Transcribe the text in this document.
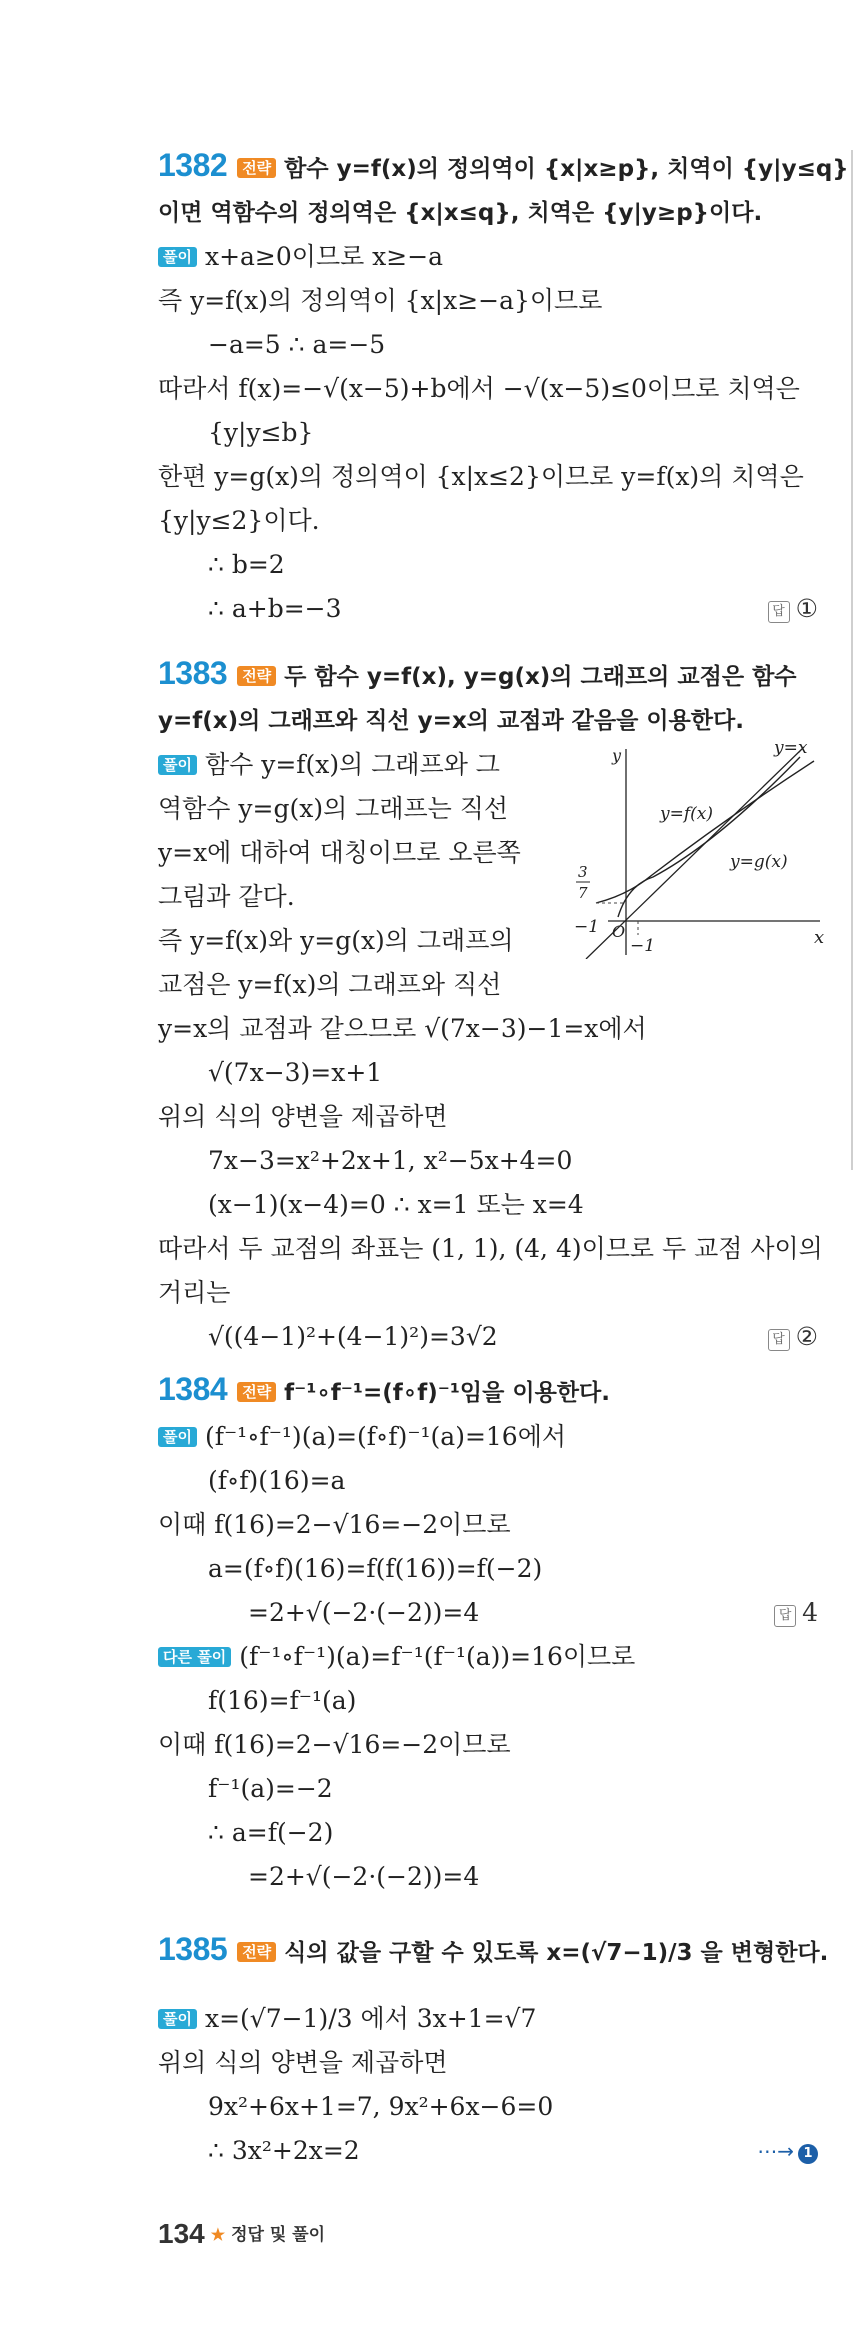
1382 전략 함수 y=f(x)의 정의역이 {x|x≥p}, 치역이 {y|y≤q}
이면 역함수의 정의역은 {x|x≤q}, 치역은 {y|y≥p}이다.
풀이 x+a≥0이므로 x≥−a
즉 y=f(x)의 정의역이 {x|x≥−a}이므로
−a=5 ∴ a=−5
따라서 f(x)=−√(x−5)+b에서 −√(x−5)≤0이므로 치역은
{y|y≤b}
한편 y=g(x)의 정의역이 {x|x≤2}이므로 y=f(x)의 치역은
{y|y≤2}이다.
∴ b=2
∴ a+b=−3	답 ①
1383 전략 두 함수 y=f(x), y=g(x)의 그래프의 교점은 함수
y=f(x)의 그래프와 직선 y=x의 교점과 같음을 이용한다.
풀이 함수 y=f(x)의 그래프와 그
역함수 y=g(x)의 그래프는 직선
y=x에 대하여 대칭이므로 오른쪽
그림과 같다.
즉 y=f(x)와 y=g(x)의 그래프의
교점은 y=f(x)의 그래프와 직선
y=x의 교점과 같으므로 √(7x−3)−1=x에서
√(7x−3)=x+1
위의 식의 양변을 제곱하면
7x−3=x²+2x+1, x²−5x+4=0
(x−1)(x−4)=0 ∴ x=1 또는 x=4
따라서 두 교점의 좌표는 (1, 1), (4, 4)이므로 두 교점 사이의
거리는
√((4−1)²+(4−1)²)=3√2	답 ②
y
x
y=x
y=f(x)
y=g(x)
3
7
−1 O
−1
1384 전략 f⁻¹∘f⁻¹=(f∘f)⁻¹임을 이용한다.
풀이 (f⁻¹∘f⁻¹)(a)=(f∘f)⁻¹(a)=16에서
(f∘f)(16)=a
이때 f(16)=2−√16=−2이므로
a=(f∘f)(16)=f(f(16))=f(−2)
=2+√(−2·(−2))=4	답 4
다른 풀이 (f⁻¹∘f⁻¹)(a)=f⁻¹(f⁻¹(a))=16이므로
f(16)=f⁻¹(a)
이때 f(16)=2−√16=−2이므로
f⁻¹(a)=−2
∴ a=f(−2)
=2+√(−2·(−2))=4
1385 전략 식의 값을 구할 수 있도록 x=(√7−1)/3 을 변형한다.
풀이 x=(√7−1)/3 에서 3x+1=√7
위의 식의 양변을 제곱하면
9x²+6x+1=7, 9x²+6x−6=0
∴ 3x²+2x=2	⋯→ 1
134 ★ 정답 및 풀이
